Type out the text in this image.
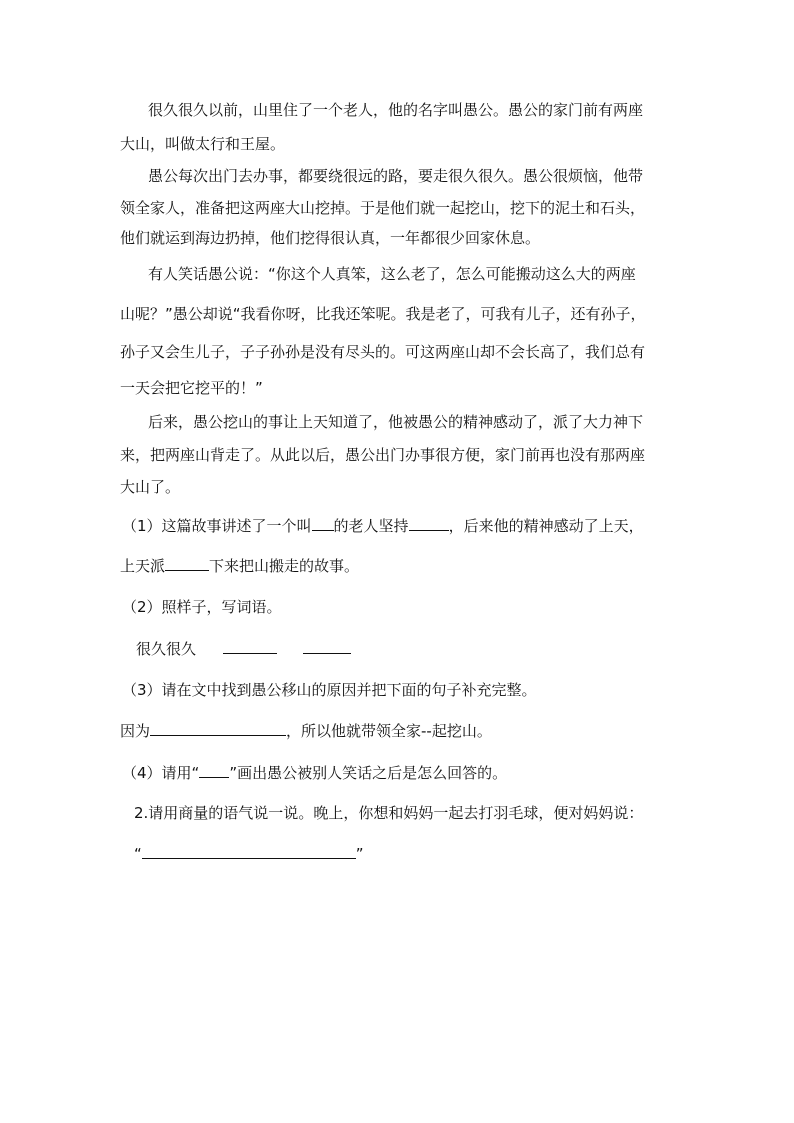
很久很久以前，山里住了一个老人，他的名字叫愚公。愚公的家门前有两座
大山，叫做太行和王屋。
愚公每次出门去办事，都要绕很远的路，要走很久很久。愚公很烦恼，他带
领全家人，准备把这两座大山挖掉。于是他们就一起挖山，挖下的泥土和石头，
他们就运到海边扔掉，他们挖得很认真，一年都很少回家休息。
有人笑话愚公说：“你这个人真笨，这么老了，怎么可能搬动这么大的两座
山呢？”愚公却说“我看你呀，比我还笨呢。我是老了，可我有儿子，还有孙子，
孙子又会生儿子，子子孙孙是没有尽头的。可这两座山却不会长高了，我们总有
一天会把它挖平的！”
后来，愚公挖山的事让上天知道了，他被愚公的精神感动了，派了大力神下
来，把两座山背走了。从此以后，愚公出门办事很方便，家门前再也没有那两座
大山了。
（1）这篇故事讲述了一个叫 的老人坚持	，后来他的精神感动了上天，
上天派	下来把山搬走的故事。
（2）照样子，写词语。
很久很久
（3）请在文中找到愚公移山的原因并把下面的句子补充完整。
因为	，所以他就带领全家--起挖山。
（4）请用“ ”画出愚公被别人笑话之后是怎么回答的。
2.请用商量的语气说一说。晚上，你想和妈妈一起去打羽毛球，便对妈妈说：
“	”
